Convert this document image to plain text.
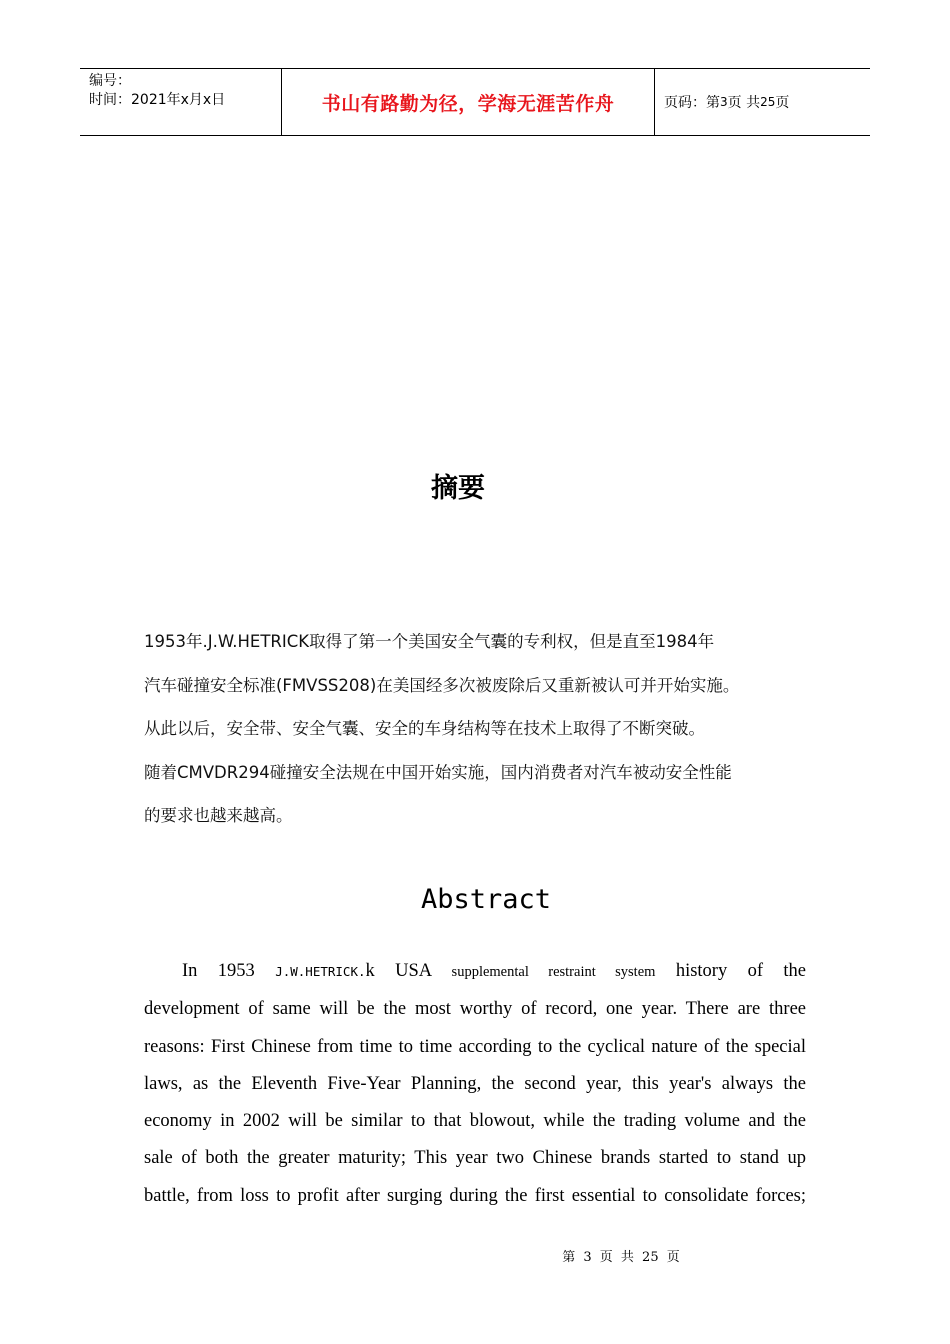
编号：
时间：2021年x月x日	书山有路勤为径，学海无涯苦作舟	页码：第 3 页 共 25 页
摘要
1953年.J.W.HETRICK取得了第一个美国安全气囊的专利权，但是直至1984年
汽车碰撞安全标准(FMVSS208)在美国经多次被废除后又重新被认可并开始实施。
从此以后，安全带、安全气囊、安全的车身结构等在技术上取得了不断突破。
随着CMVDR294碰撞安全法规在中国开始实施，国内消费者对汽车被动安全性能
的要求也越来越高。
Abstract
In 1953 J.W.HETRICK.k USA supplemental restraint system history of the
development of same will be the most worthy of record, one year. There are three
reasons: First Chinese from time to time according to the cyclical nature of the special
laws, as the Eleventh Five-Year Planning, the second year, this year's always the
economy in 2002 will be similar to that blowout, while the trading volume and the
sale of both the greater maturity; This year two Chinese brands started to stand up
battle, from loss to profit after surging during the first essential to consolidate forces;
第 3 页 共 25 页
